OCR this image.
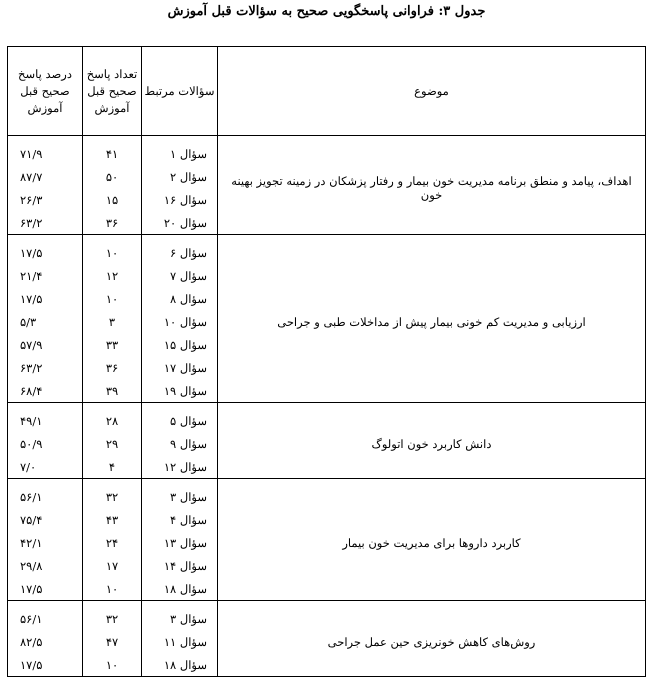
جدول ۳: فراوانی پاسخگویی صحیح به سؤالات قبل آموزش
موضوع	سؤالات مرتبط	تعداد پاسخ صحیح قبل آموزش	درصد پاسخ صحیح قبل آموزش
اهداف، پیامد و منطق برنامه مدیریت خون بیمار و رفتار پزشکان در زمینه تجویز بهینه خون	سؤال ۱	۴۱	۷۱/۹
	سؤال ۲	۵۰	۸۷/۷
	سؤال ۱۶	۱۵	۲۶/۳
	سؤال ۲۰	۳۶	۶۳/۲
ارزیابی و مدیریت کم خونی بیمار پیش از مداخلات طبی و جراحی	سؤال ۶	۱۰	۱۷/۵
	سؤال ۷	۱۲	۲۱/۴
	سؤال ۸	۱۰	۱۷/۵
	سؤال ۱۰	۳	۵/۳
	سؤال ۱۵	۳۳	۵۷/۹
	سؤال ۱۷	۳۶	۶۳/۲
	سؤال ۱۹	۳۹	۶۸/۴
دانش کاربرد خون اتولوگ	سؤال ۵	۲۸	۴۹/۱
	سؤال ۹	۲۹	۵۰/۹
	سؤال ۱۲	۴	۷/۰
کاربرد داروها برای مدیریت خون بیمار	سؤال ۳	۳۲	۵۶/۱
	سؤال ۴	۴۳	۷۵/۴
	سؤال ۱۳	۲۴	۴۲/۱
	سؤال ۱۴	۱۷	۲۹/۸
	سؤال ۱۸	۱۰	۱۷/۵
روش‌های کاهش خونریزی حین عمل جراحی	سؤال ۳	۳۲	۵۶/۱
	سؤال ۱۱	۴۷	۸۲/۵
	سؤال ۱۸	۱۰	۱۷/۵
